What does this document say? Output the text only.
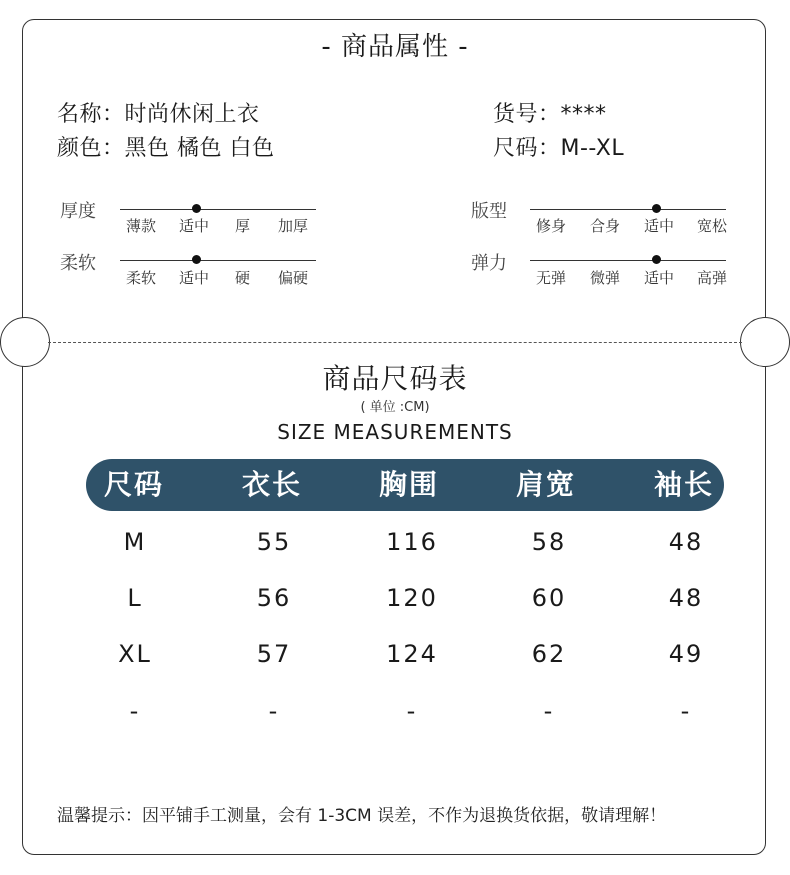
- 商品属性 -
名称：时尚休闲上衣
颜色：黑色 橘色 白色
货号：****
尺码：M--XL
厚度
薄款 适中 厚 加厚
柔软
柔软 适中 硬 偏硬
版型
修身 合身 适中 宽松
弹力
无弹 微弹 适中 高弹
商品尺码表
( 单位 :CM)
SIZE MEASUREMENTS
尺码	衣长	胸围	肩宽	袖长
M	55	116	58	48
L	56	120	60	48
XL	57	124	62	49
-	-	-	-	-
温馨提示：因平铺手工测量，会有 1-3CM 误差，不作为退换货依据，敬请理解！
